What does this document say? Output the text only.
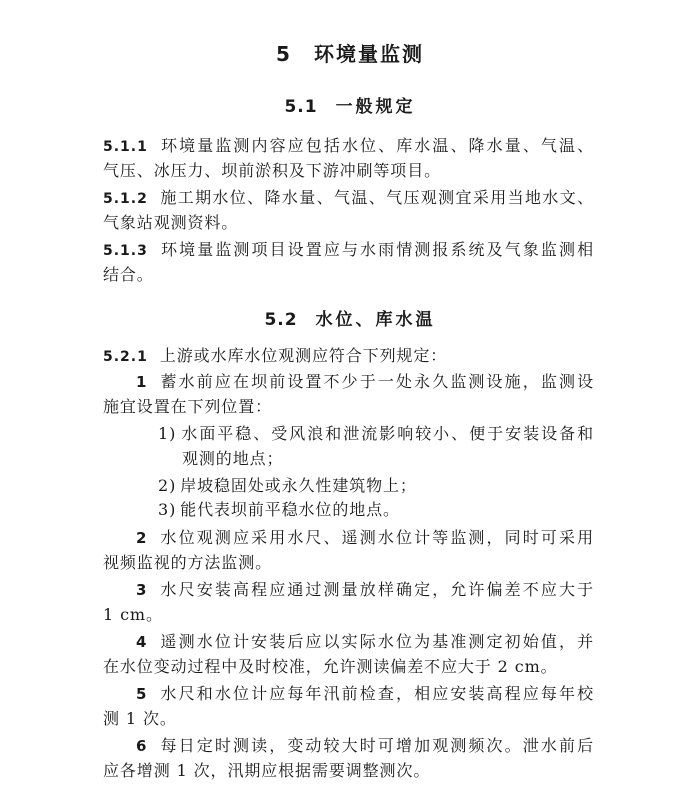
5 环境量监测
5.1 一般规定
5.1.1 环境量监测内容应包括水位、库水温、降水量、气温、
气压、冰压力、坝前淤积及下游冲刷等项目。
5.1.2 施工期水位、降水量、气温、气压观测宜采用当地水文、
气象站观测资料。
5.1.3 环境量监测项目设置应与水雨情测报系统及气象监测相
结合。
5.2 水位、库水温
5.2.1 上游或水库水位观测应符合下列规定：
1 蓄水前应在坝前设置不少于一处永久监测设施，监测设
施宜设置在下列位置：
1) 水面平稳、受风浪和泄流影响较小、便于安装设备和
观测的地点；
2) 岸坡稳固处或永久性建筑物上；
3) 能代表坝前平稳水位的地点。
2 水位观测应采用水尺、遥测水位计等监测，同时可采用
视频监视的方法监测。
3 水尺安装高程应通过测量放样确定，允许偏差不应大于
1 cm。
4 遥测水位计安装后应以实际水位为基准测定初始值，并
在水位变动过程中及时校准，允许测读偏差不应大于 2 cm。
5 水尺和水位计应每年汛前检查，相应安装高程应每年校
测 1 次。
6 每日定时测读，变动较大时可增加观测频次。泄水前后
应各增测 1 次，汛期应根据需要调整测次。
